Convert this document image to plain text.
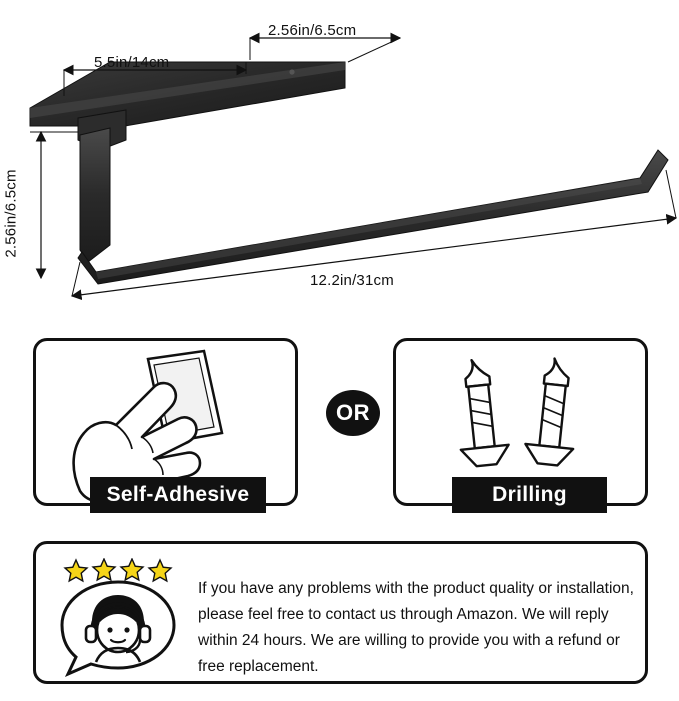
5.5in/14cm
2.56in/6.5cm
2.56in/6.5cm
12.2in/31cm
OR
Self-Adhesive	Drilling
If you have any problems with the product quality or installation, please feel free to contact us through Amazon. We will reply within 24 hours. We are willing to provide you with a refund or free replacement.
